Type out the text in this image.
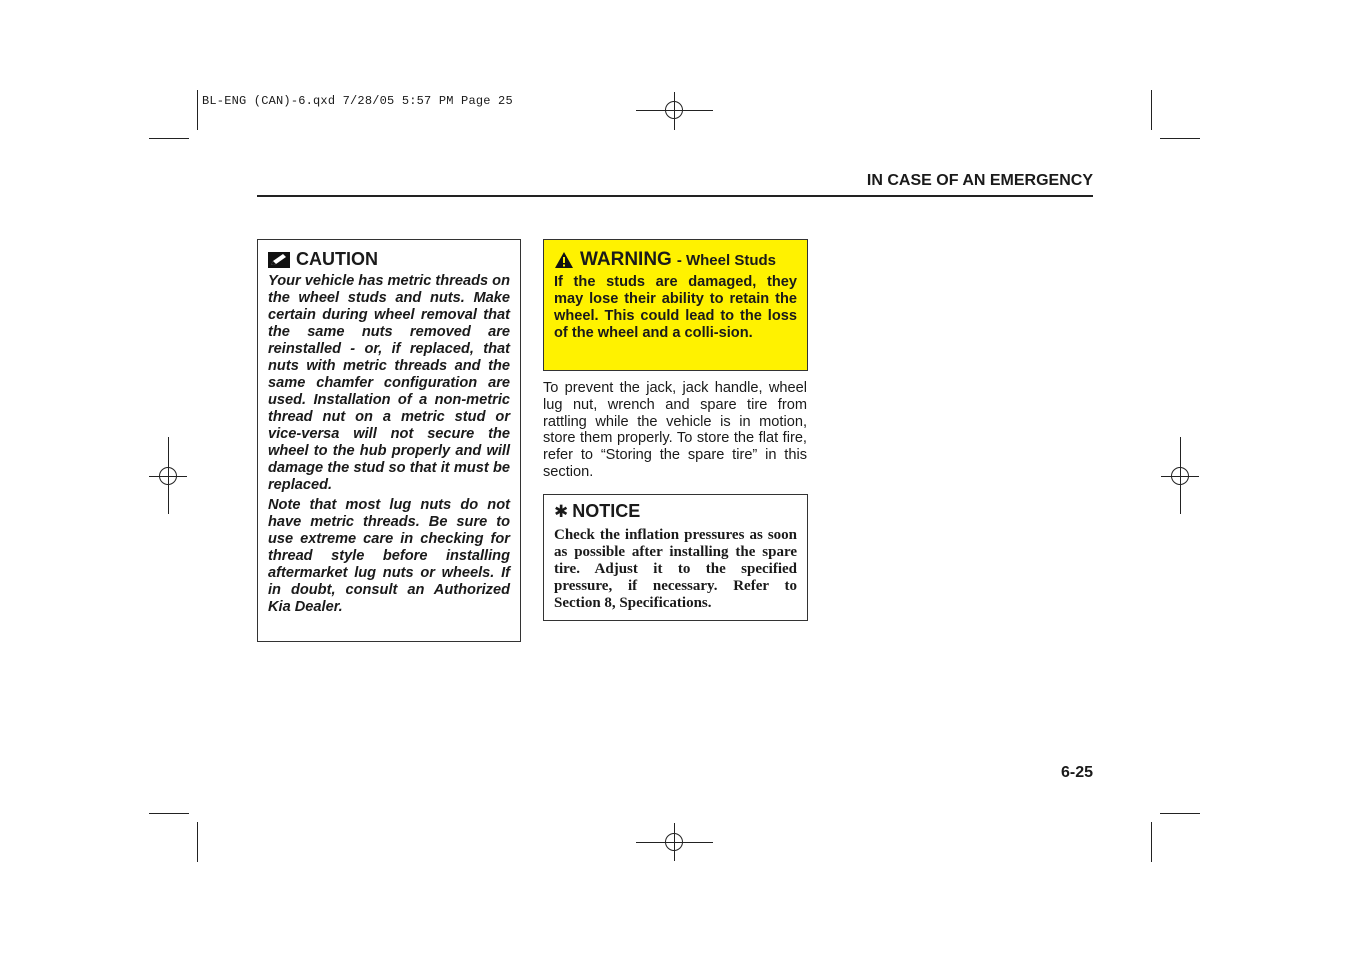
BL-ENG (CAN)-6.qxd 7/28/05 5:57 PM Page 25
IN CASE OF AN EMERGENCY
CAUTION

Your vehicle has metric threads on the wheel studs and nuts. Make certain during wheel removal that the same nuts removed are reinstalled - or, if replaced, that nuts with metric threads and the same chamfer configuration are used. Installation of a non-metric thread nut on a metric stud or vice-versa will not secure the wheel to the hub properly and will damage the stud so that it must be replaced.

Note that most lug nuts do not have metric threads. Be sure to use extreme care in checking for thread style before installing aftermarket lug nuts or wheels. If in doubt, consult an Authorized Kia Dealer.

WARNING - Wheel Studs

If the studs are damaged, they may lose their ability to retain the wheel. This could lead to the loss of the wheel and a colli-sion.

To prevent the jack, jack handle, wheel lug nut, wrench and spare tire from rattling while the vehicle is in motion, store them properly. To store the flat fire, refer to “Storing the spare tire” in this section.

✱ NOTICE

Check the inflation pressures as soon as possible after installing the spare tire. Adjust it to the specified pressure, if necessary. Refer to Section 8, Specifications.

6-25
